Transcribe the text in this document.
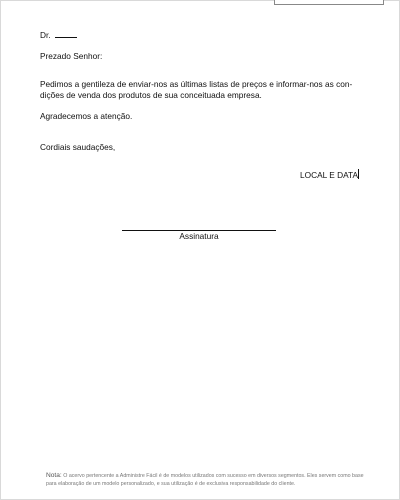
Dr.
Prezado Senhor:
Pedimos a gentileza de enviar-nos as últimas listas de preços e informar-nos as con-
dições de venda dos produtos de sua conceituada empresa.
Agradecemos a atenção.
Cordiais saudações,
LOCAL E DATA
Assinatura
Nota: O acervo pertencente a Administre Fácil é de modelos utilizados com sucesso em diversos segmentos. Eles servem como base para elaboração de um modelo personalizado, e sua utilização é de exclusiva responsabilidade do cliente.
